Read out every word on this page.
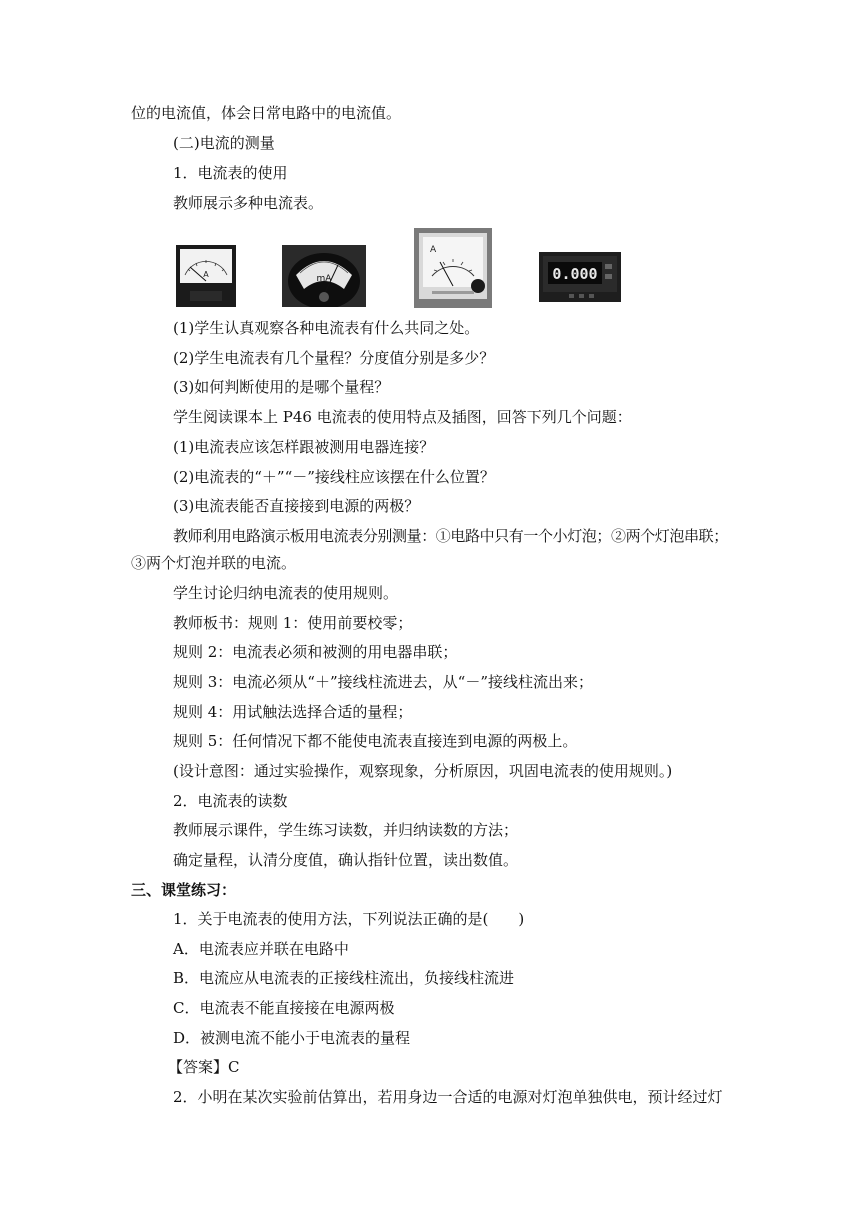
位的电流值，体会日常电路中的电流值。
(二)电流的测量
1．电流表的使用
教师展示多种电流表。
A	mA
A
0.000
(1)学生认真观察各种电流表有什么共同之处。
(2)学生电流表有几个量程？分度值分别是多少？
(3)如何判断使用的是哪个量程？
学生阅读课本上 P46 电流表的使用特点及插图，回答下列几个问题：
(1)电流表应该怎样跟被测用电器连接？
(2)电流表的“＋”“－”接线柱应该摆在什么位置？
(3)电流表能否直接接到电源的两极？
教师利用电路演示板用电流表分别测量：①电路中只有一个小灯泡；②两个灯泡串联；
③两个灯泡并联的电流。
学生讨论归纳电流表的使用规则。
教师板书：规则 1：使用前要校零；
规则 2：电流表必须和被测的用电器串联；
规则 3：电流必须从“＋”接线柱流进去，从“－”接线柱流出来；
规则 4：用试触法选择合适的量程；
规则 5：任何情况下都不能使电流表直接连到电源的两极上。
(设计意图：通过实验操作，观察现象，分析原因，巩固电流表的使用规则。)
2．电流表的读数
教师展示课件，学生练习读数，并归纳读数的方法；
确定量程，认清分度值，确认指针位置，读出数值。
三、课堂练习：
1．关于电流表的使用方法，下列说法正确的是(　　)
A．电流表应并联在电路中
B．电流应从电流表的正接线柱流出，负接线柱流进
C．电流表不能直接接在电源两极
D．被测电流不能小于电流表的量程
【答案】C
2．小明在某次实验前估算出，若用身边一合适的电源对灯泡单独供电，预计经过灯
